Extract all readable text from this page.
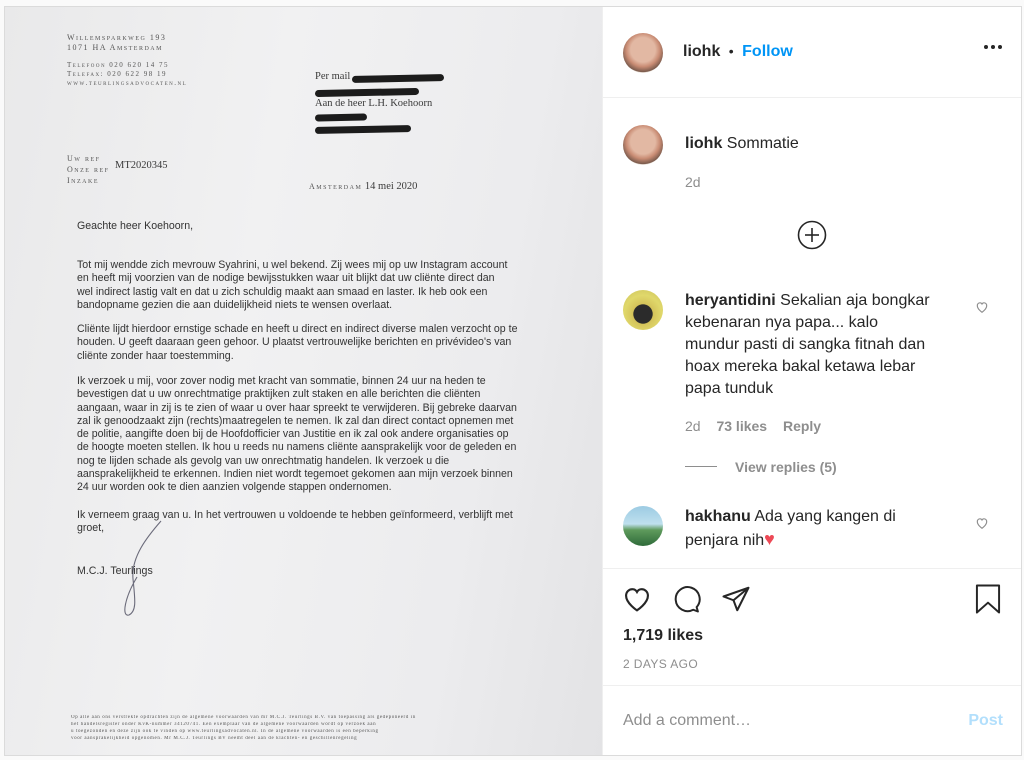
Willemsparkweg 193
1071 HA Amsterdam
Telefoon 020 620 14 75
Telefax: 020 622 98 19
www.teurlingsadvocaten.nl
Per mail
Aan de heer L.H. Koehoorn
Uw ref
Onze ref
Inzake
MT2020345
Amsterdam 14 mei 2020
Geachte heer Koehoorn,
Tot mij wendde zich mevrouw Syahrini, u wel bekend. Zij wees mij op uw Instagram account
en heeft mij voorzien van de nodige bewijsstukken waar uit blijkt dat uw cliënte direct dan
wel indirect lastig valt en dat u zich schuldig maakt aan smaad en laster. Ik heb ook een
bandopname gezien die aan duidelijkheid niets te wensen overlaat.
Cliënte lijdt hierdoor ernstige schade en heeft u direct en indirect diverse malen verzocht op te
houden. U geeft daaraan geen gehoor. U plaatst vertrouwelijke berichten en privévideo's van
cliënte zonder haar toestemming.
Ik verzoek u mij, voor zover nodig met kracht van sommatie, binnen 24 uur na heden te
bevestigen dat u uw onrechtmatige praktijken zult staken en alle berichten die cliënten
aangaan, waar in zij is te zien of waar u over haar spreekt te verwijderen. Bij gebreke daarvan
zal ik genoodzaakt zijn (rechts)maatregelen te nemen. Ik zal dan direct contact opnemen met
de politie, aangifte doen bij de Hoofdofficier van Justitie en ik zal ook andere organisaties op
de hoogte moeten stellen. Ik hou u reeds nu namens cliënte aansprakelijk voor de geleden en
nog te lijden schade als gevolg van uw onrechtmatig handelen. Ik verzoek u die
aansprakelijkheid te erkennen. Indien niet wordt tegemoet gekomen aan mijn verzoek binnen
24 uur worden ook te dien aanzien volgende stappen ondernomen.
Ik verneem graag van u. In het vertrouwen u voldoende te hebben geïnformeerd, verblijft met
groet,
M.C.J. Teurlings
Op alle aan ons verstrekte opdrachten zijn de algemene voorwaarden van mr M.C.J. Teurlings B.V. van toepassing als gedeponeerd in
het handelsregister onder KvK-nummer 34120741. Een exemplaar van de algemene voorwaarden wordt op verzoek aan
u toegezonden en deze zijn ook te vinden op www.teurlingsadvocaten.nl. In de algemene voorwaarden is een beperking
voor aansprakelijkheid opgenomen. Mr M.C.J. Teurlings BV neemt deel aan de klachten- en geschillenregeling
liohk • Follow
liohk Sommatie
2d
heryantidini Sekalian aja bongkar
kebenaran nya papa... kalo
mundur pasti di sangka fitnah dan
hoax mereka bakal ketawa lebar
papa tunduk
2d 73 likes Reply
View replies (5)
hakhanu Ada yang kangen di
penjara nih♥
1,719 likes
2 DAYS AGO
Add a comment…	Post
